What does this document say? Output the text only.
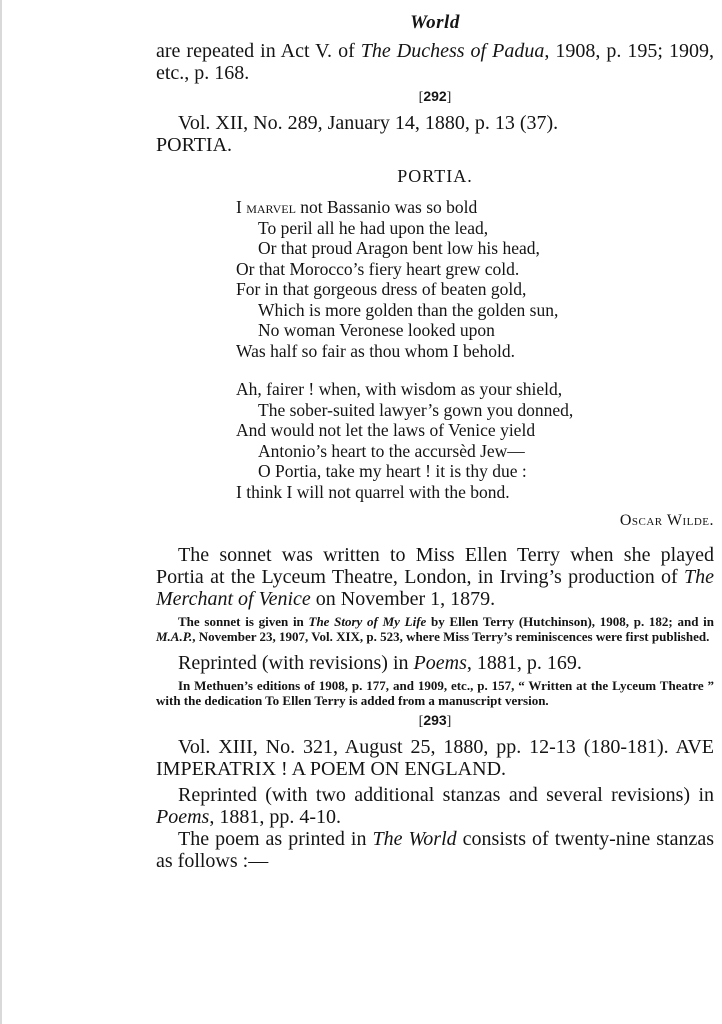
World

are repeated in Act V. of The Duchess of Padua, 1908, p. 195; 1909, etc., p. 168.

[292]

Vol. XII, No. 289, January 14, 1880, p. 13 (37).

PORTIA.

PORTIA.
I marvel not Bassanio was so bold
To peril all he had upon the lead,
Or that proud Aragon bent low his head,
Or that Morocco’s fiery heart grew cold.
For in that gorgeous dress of beaten gold,
Which is more golden than the golden sun,
No woman Veronese looked upon
Was half so fair as thou whom I behold.
Ah, fairer ! when, with wisdom as your shield,
The sober-suited lawyer’s gown you donned,
And would not let the laws of Venice yield
Antonio’s heart to the accursèd Jew—
O Portia, take my heart ! it is thy due :
I think I will not quarrel with the bond.
Oscar Wilde.

The sonnet was written to Miss Ellen Terry when she played Portia at the Lyceum Theatre, London, in Irving’s production of The Merchant of Venice on November 1, 1879.

The sonnet is given in The Story of My Life by Ellen Terry (Hutchinson), 1908, p. 182; and in M.A.P., November 23, 1907, Vol. XIX, p. 523, where Miss Terry’s reminiscences were first published.

Reprinted (with revisions) in Poems, 1881, p. 169.

In Methuen’s editions of 1908, p. 177, and 1909, etc., p. 157, “ Written at the Lyceum Theatre ” with the dedication To Ellen Terry is added from a manuscript version.

[293]

Vol. XIII, No. 321, August 25, 1880, pp. 12-13 (180-181). AVE IMPERATRIX ! A POEM ON ENGLAND.

Reprinted (with two additional stanzas and several revisions) in Poems, 1881, pp. 4-10.

The poem as printed in The World consists of twenty-nine stanzas as follows :—
